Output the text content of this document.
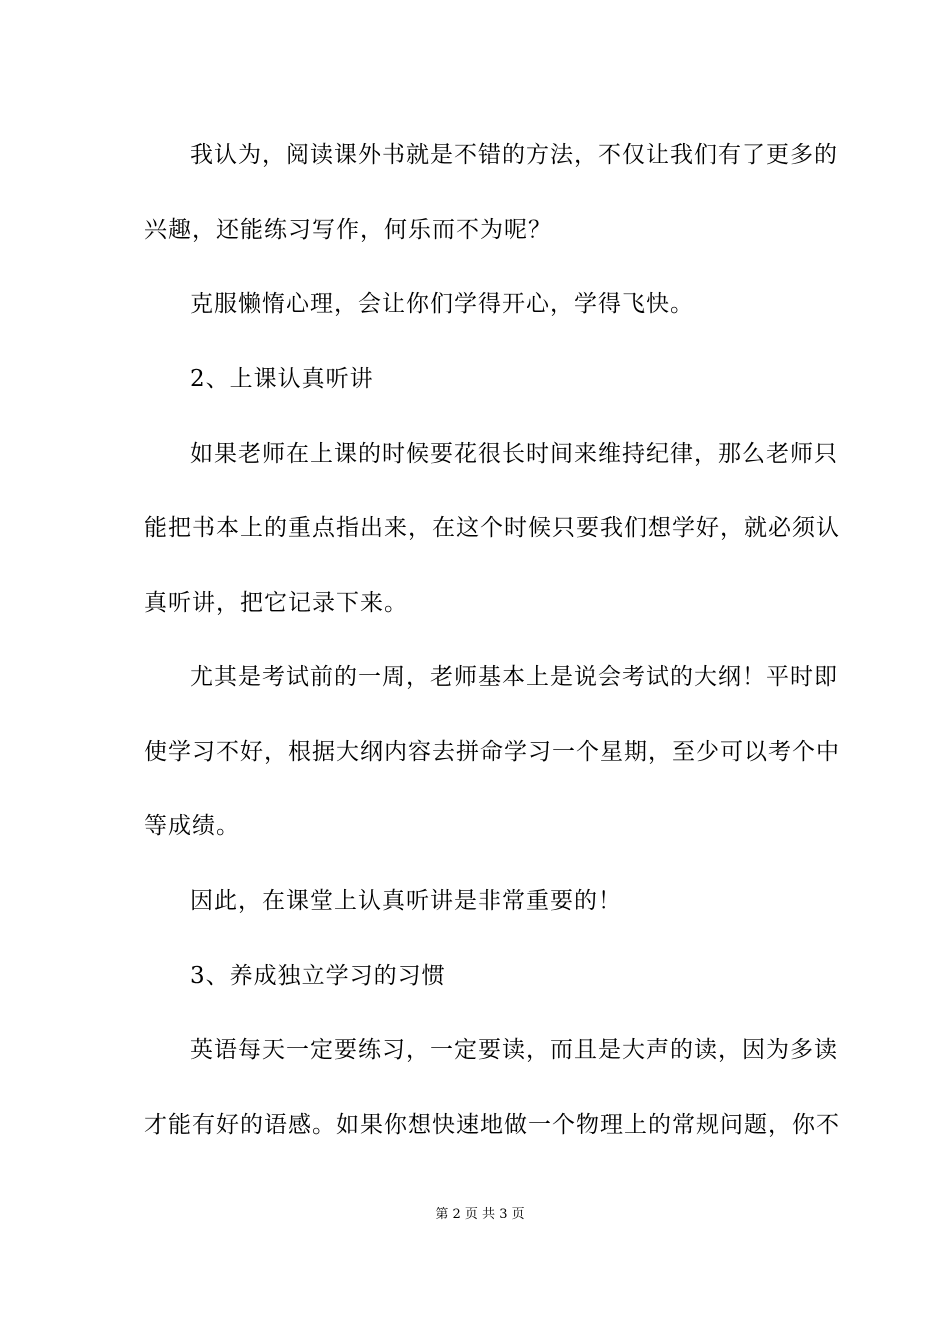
我认为，阅读课外书就是不错的方法，不仅让我们有了更多的
兴趣，还能练习写作，何乐而不为呢？
克服懒惰心理，会让你们学得开心，学得飞快。
2、上课认真听讲
如果老师在上课的时候要花很长时间来维持纪律，那么老师只
能把书本上的重点指出来，在这个时候只要我们想学好，就必须认
真听讲，把它记录下来。
尤其是考试前的一周，老师基本上是说会考试的大纲！平时即
使学习不好，根据大纲内容去拼命学习一个星期，至少可以考个中
等成绩。
因此，在课堂上认真听讲是非常重要的！
3、养成独立学习的习惯
英语每天一定要练习，一定要读，而且是大声的读，因为多读
才能有好的语感。如果你想快速地做一个物理上的常规问题，你不
第 2 页 共 3 页
